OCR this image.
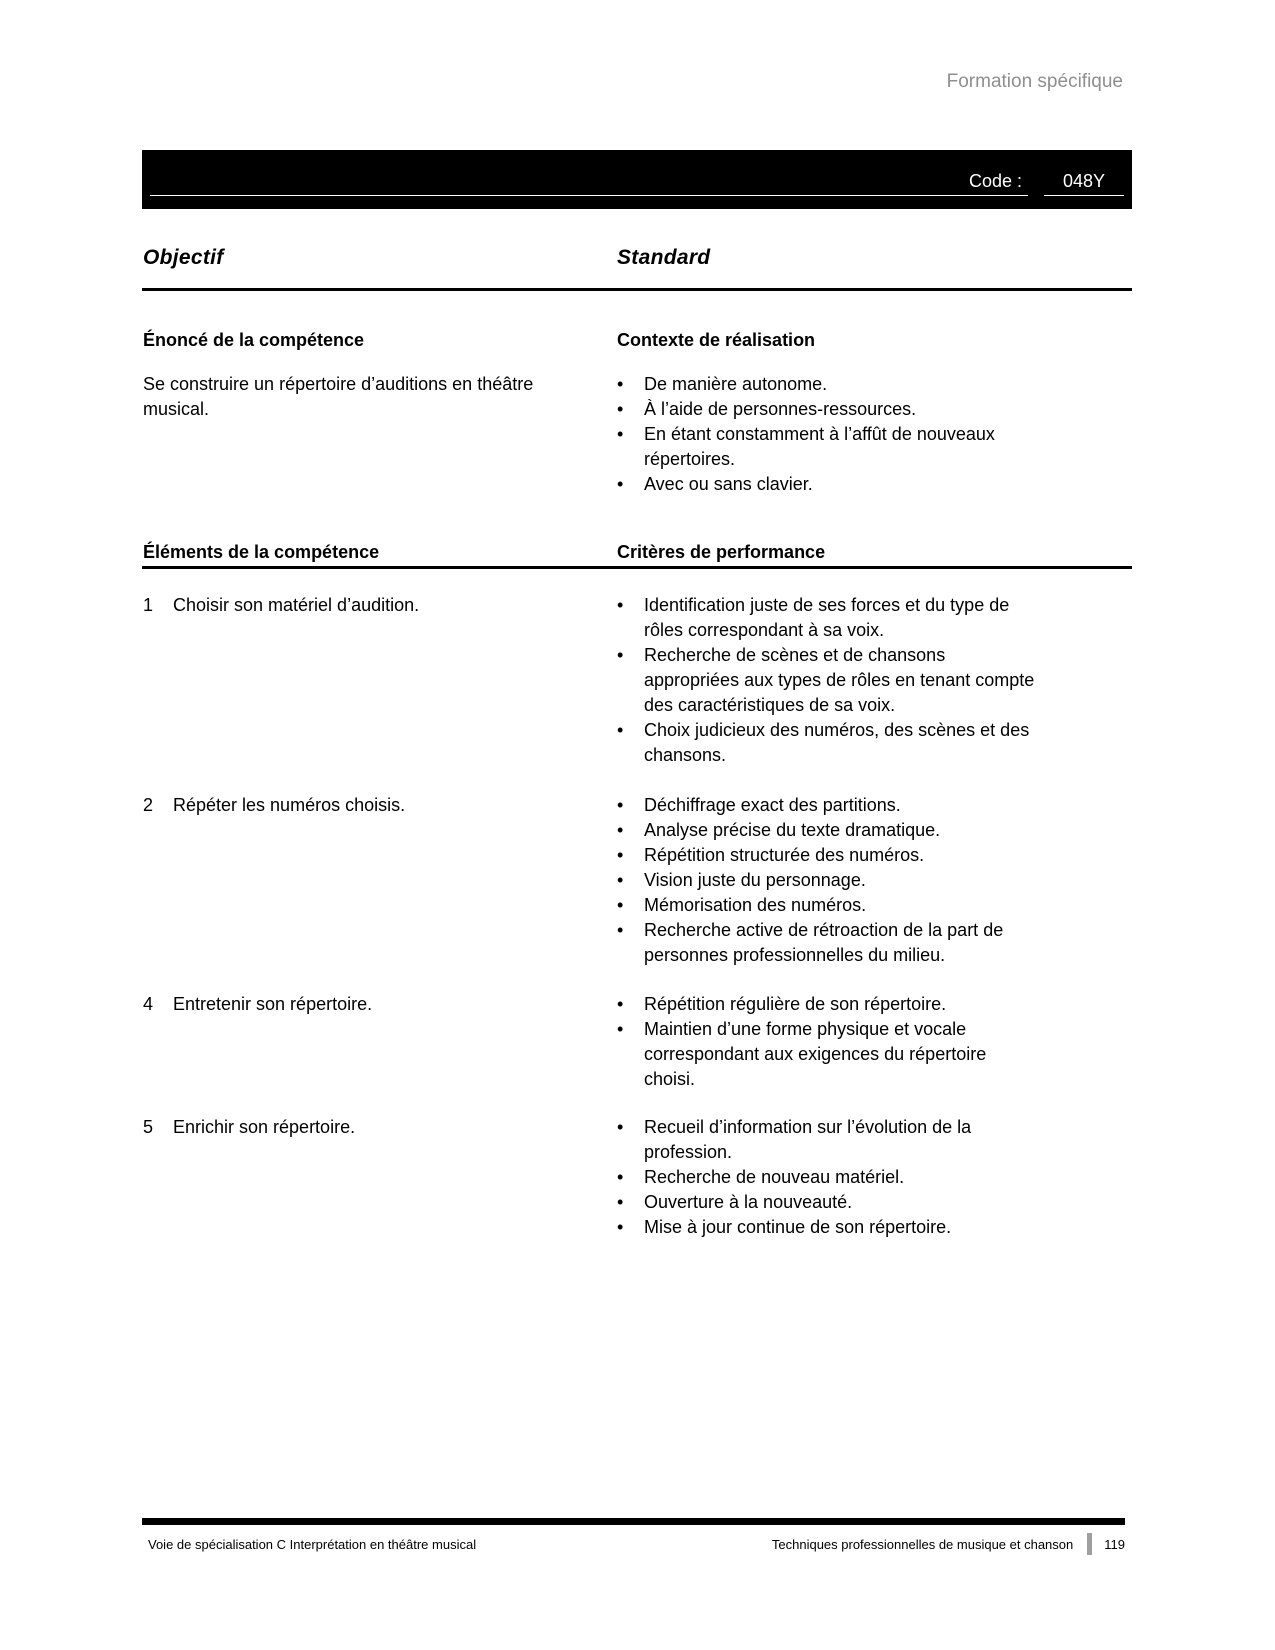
Formation spécifique
Code :	048Y
Objectif	Standard
Énoncé de la compétence	Contexte de réalisation
Se construire un répertoire d’auditions en théâtre musical.
•	De manière autonome.
•	À l’aide de personnes-ressources.
•	En étant constamment à l’affût de nouveaux répertoires.
•	Avec ou sans clavier.
Éléments de la compétence	Critères de performance
1	Choisir son matériel d’audition.	•	Identification juste de ses forces et du type de rôles correspondant à sa voix.
•	Recherche de scènes et de chansons appropriées aux types de rôles en tenant compte des caractéristiques de sa voix.
•	Choix judicieux des numéros, des scènes et des chansons.
2	Répéter les numéros choisis.	•	Déchiffrage exact des partitions.
•	Analyse précise du texte dramatique.
•	Répétition structurée des numéros.
•	Vision juste du personnage.
•	Mémorisation des numéros.
•	Recherche active de rétroaction de la part de personnes professionnelles du milieu.
4	Entretenir son répertoire.	•	Répétition régulière de son répertoire.
•	Maintien d’une forme physique et vocale correspondant aux exigences du répertoire choisi.
5	Enrichir son répertoire.	•	Recueil d’information sur l’évolution de la profession.
•	Recherche de nouveau matériel.
•	Ouverture à la nouveauté.
•	Mise à jour continue de son répertoire.
Voie de spécialisation C Interprétation en théâtre musical	Techniques professionnelles de musique et chanson 119
